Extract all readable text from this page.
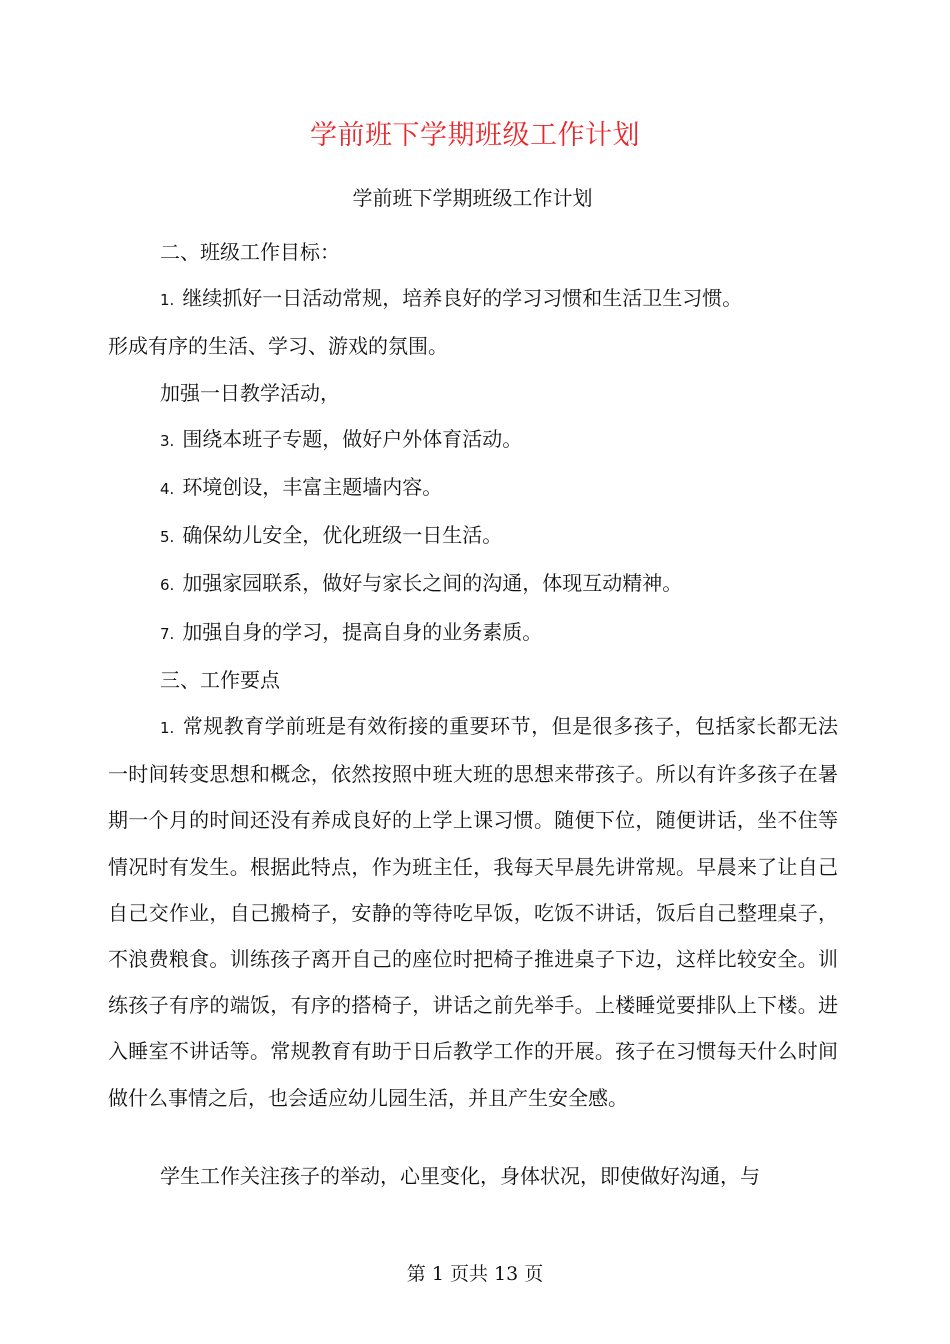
学前班下学期班级工作计划
学前班下学期班级工作计划

二、班级工作目标：

1. 继续抓好一日活动常规，培养良好的学习习惯和生活卫生习惯。

形成有序的生活、学习、游戏的氛围。

加强一日教学活动，

3. 围绕本班子专题，做好户外体育活动。

4. 环境创设，丰富主题墙内容。

5. 确保幼儿安全，优化班级一日生活。

6. 加强家园联系，做好与家长之间的沟通，体现互动精神。

7. 加强自身的学习，提高自身的业务素质。

三、工作要点

1. 常规教育学前班是有效衔接的重要环节，但是很多孩子，包括家长都无法一时间转变思想和概念，依然按照中班大班的思想来带孩子。所以有许多孩子在暑期一个月的时间还没有养成良好的上学上课习惯。随便下位，随便讲话，坐不住等情况时有发生。根据此特点，作为班主任，我每天早晨先讲常规。早晨来了让自己自己交作业，自己搬椅子，安静的等待吃早饭，吃饭不讲话，饭后自己整理桌子，不浪费粮食。训练孩子离开自己的座位时把椅子推进桌子下边，这样比较安全。训练孩子有序的端饭，有序的搭椅子，讲话之前先举手。上楼睡觉要排队上下楼。进入睡室不讲话等。常规教育有助于日后教学工作的开展。孩子在习惯每天什么时间做什么事情之后，也会适应幼儿园生活，并且产生安全感。

学生工作关注孩子的举动，心里变化，身体状况，即使做好沟通，与

第 1 页共 13 页
